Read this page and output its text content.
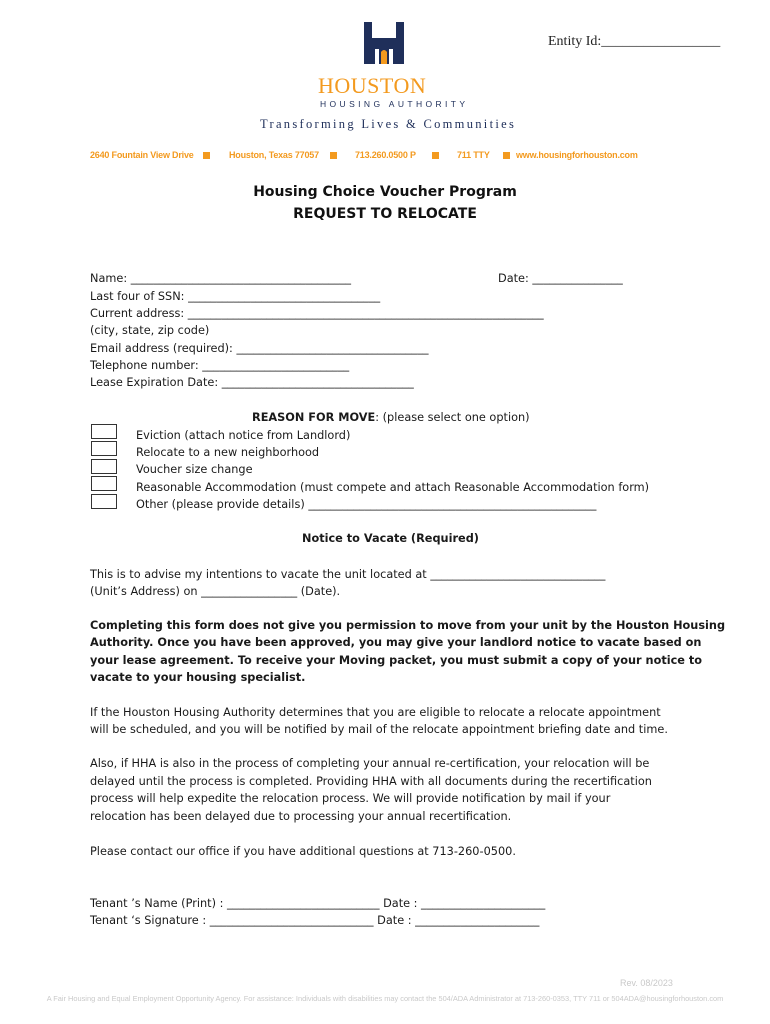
Entity Id:_________________
HOUSTON
HOUSING AUTHORITY
Transforming Lives & Communities
2640 Fountain View Drive	Houston, Texas 77057	713.260.0500 P	711 TTY	www.housingforhouston.com
Housing Choice Voucher Program
REQUEST TO RELOCATE
Name: _______________________________________	Date: ________________
Last four of SSN: __________________________________
Current address: _______________________________________________________________
(city, state, zip code)
Email address (required): __________________________________
Telephone number: __________________________
Lease Expiration Date: __________________________________
REASON FOR MOVE: (please select one option)
Eviction (attach notice from Landlord)
Relocate to a new neighborhood
Voucher size change
Reasonable Accommodation (must compete and attach Reasonable Accommodation form)
Other (please provide details) ___________________________________________________
Notice to Vacate (Required)
This is to advise my intentions to vacate the unit located at _______________________________
(Unit’s Address) on _________________ (Date).
Completing this form does not give you permission to move from your unit by the Houston Housing
Authority. Once you have been approved, you may give your landlord notice to vacate based on
your lease agreement. To receive your Moving packet, you must submit a copy of your notice to
vacate to your housing specialist.
If the Houston Housing Authority determines that you are eligible to relocate a relocate appointment
will be scheduled, and you will be notified by mail of the relocate appointment briefing date and time.
Also, if HHA is also in the process of completing your annual re-certification, your relocation will be
delayed until the process is completed. Providing HHA with all documents during the recertification
process will help expedite the relocation process. We will provide notification by mail if your
relocation has been delayed due to processing your annual recertification.
Please contact our office if you have additional questions at 713-260-0500.
Tenant ’s Name (Print) : ___________________________ Date : ______________________
Tenant ‘s Signature : _____________________________ Date : ______________________
Rev. 08/2023
A Fair Housing and Equal Employment Opportunity Agency. For assistance: Individuals with disabilities may contact the 504/ADA Administrator at 713-260-0353, TTY 711 or 504ADA@housingforhouston.com
